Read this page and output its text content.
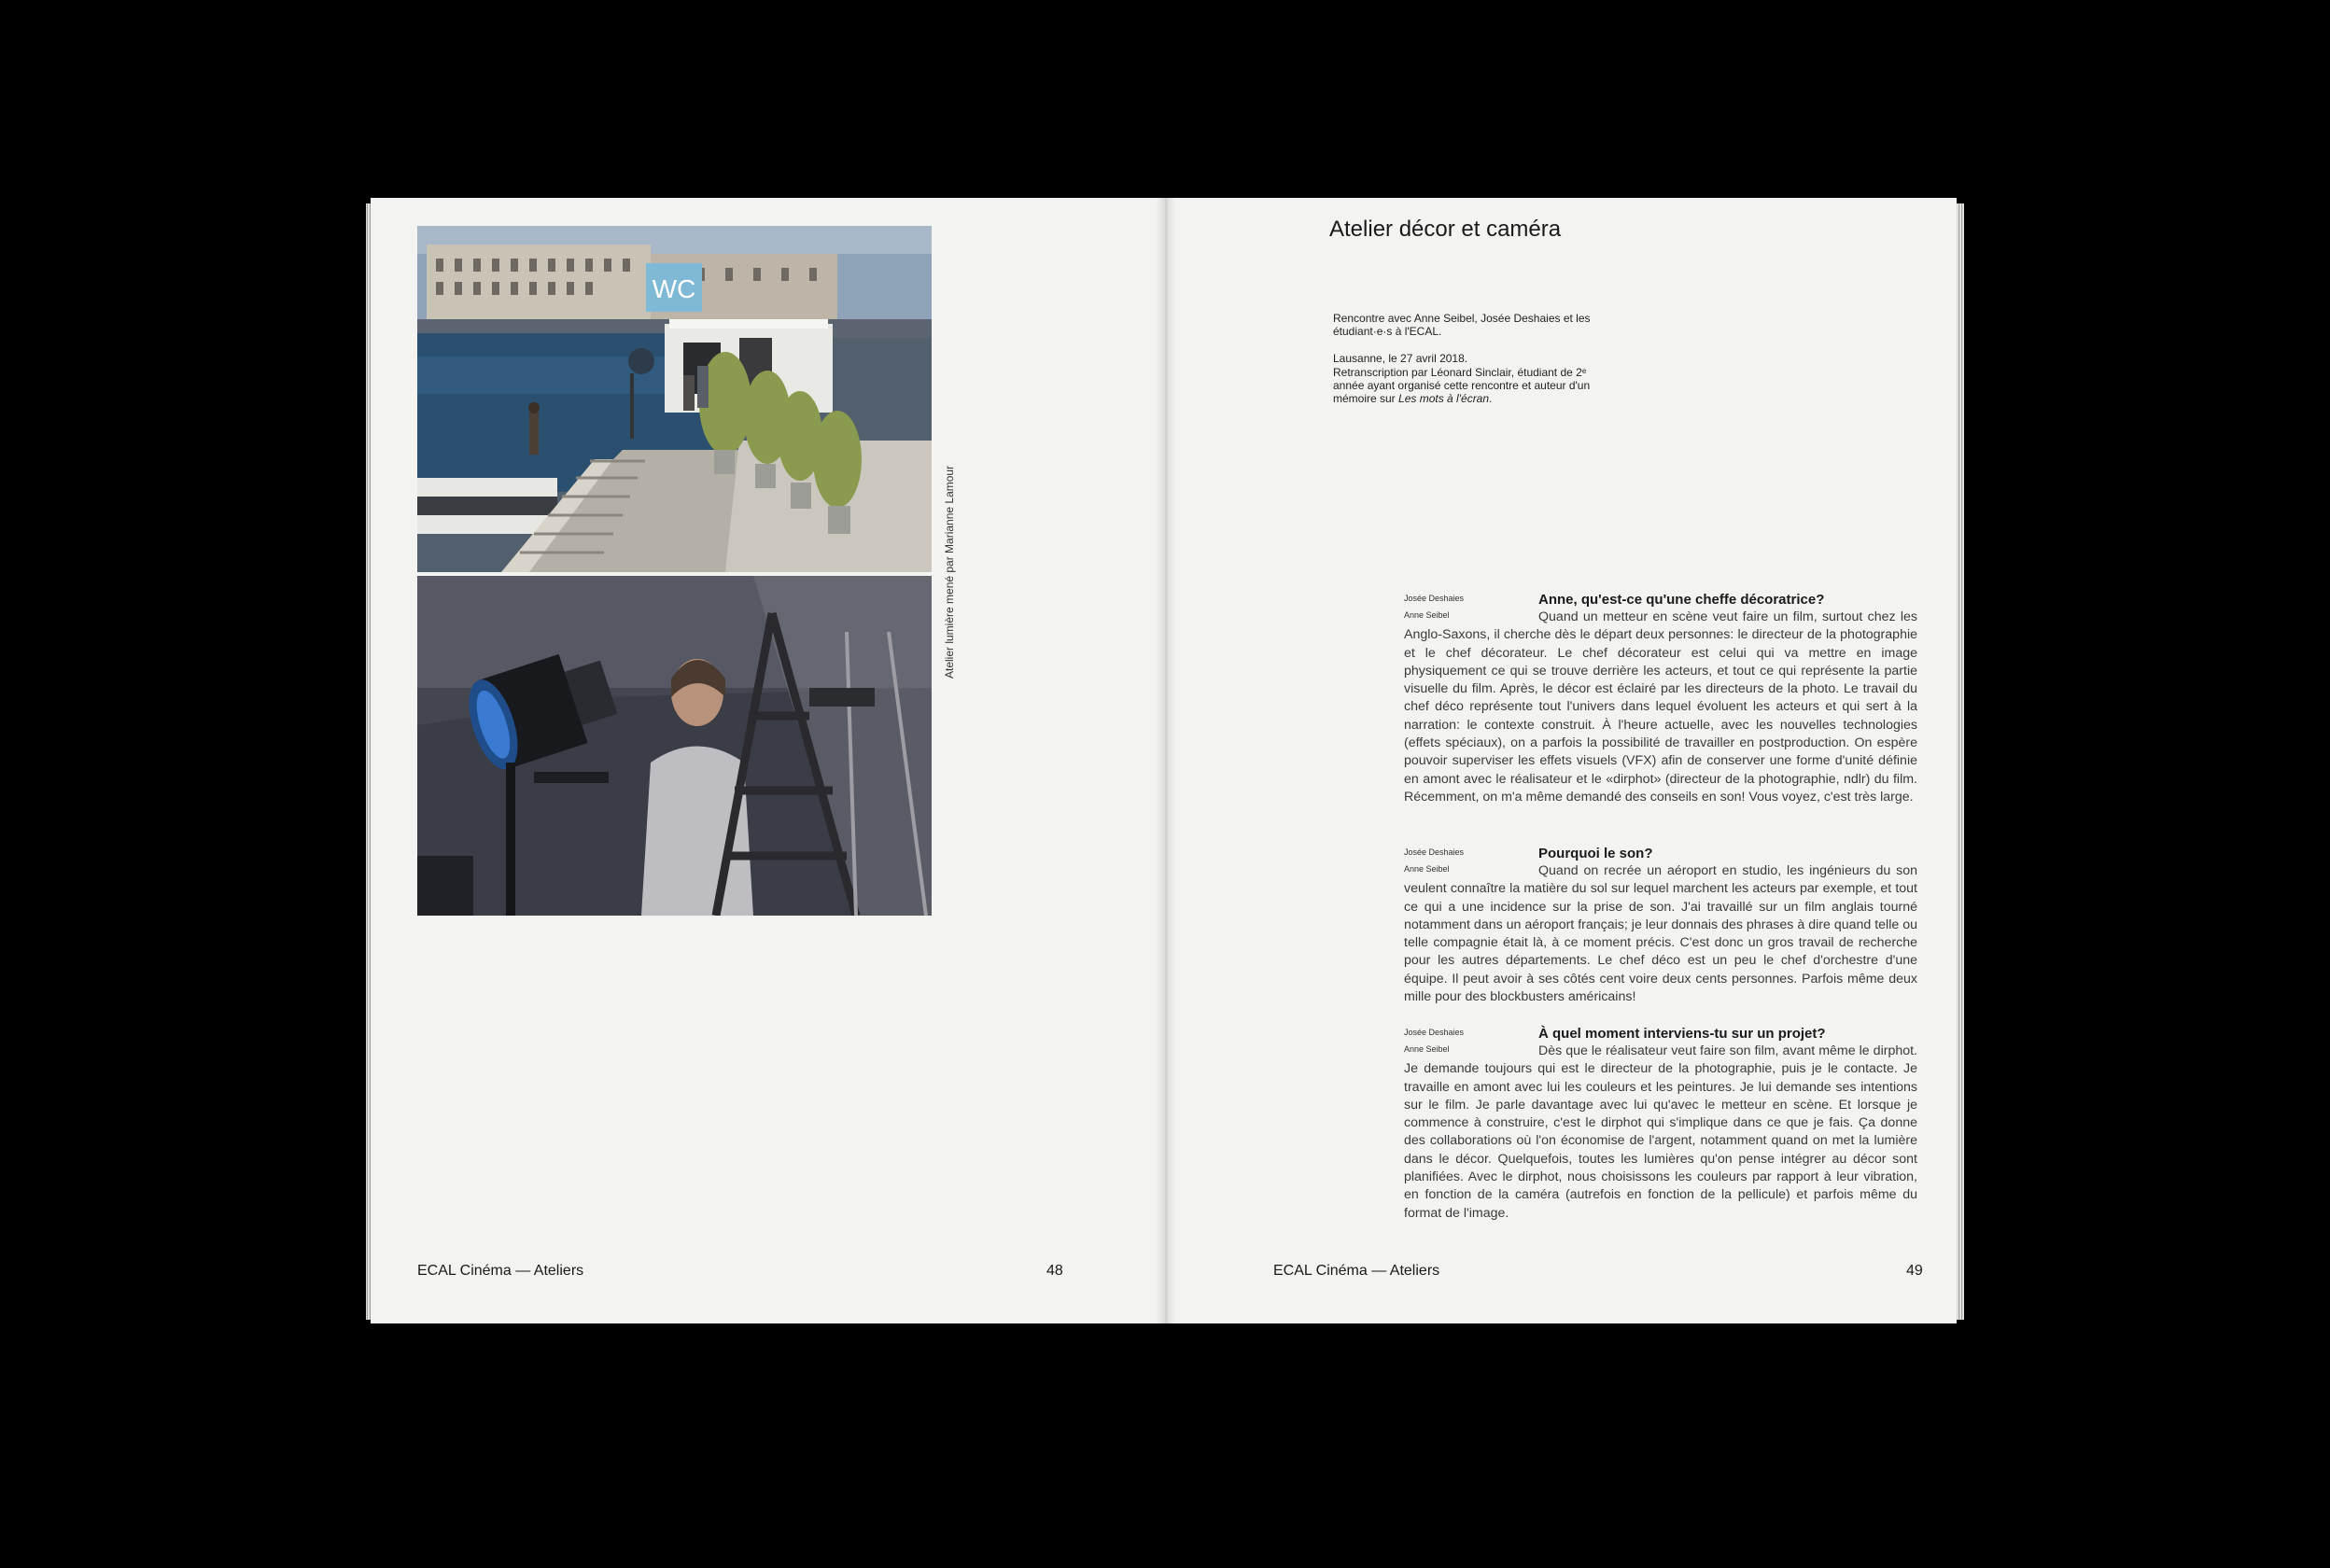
WC
Atelier lumière mené par Marianne Lamour
ECAL Cinéma — Ateliers	48
Atelier décor et caméra
Rencontre avec Anne Seibel, Josée Deshaies et les étudiant·e·s à l'ECAL.
Lausanne, le 27 avril 2018.
Retranscription par Léonard Sinclair, étudiant de 2ᵉ année ayant organisé cette rencontre et auteur d'un mémoire sur Les mots à l'écran.
Josée Deshaies	Anne, qu'est-ce qu'une cheffe décoratrice?
Anne Seibel	Quand un metteur en scène veut faire un film, surtout chez les Anglo-Saxons, il cherche dès le départ deux personnes: le directeur de la photographie et le chef décorateur. Le chef décorateur est celui qui va mettre en image physiquement ce qui se trouve derrière les acteurs, et tout ce qui représente la partie visuelle du film. Après, le décor est éclairé par les directeurs de la photo. Le travail du chef déco représente tout l'univers dans lequel évoluent les acteurs et qui sert à la narration: le contexte construit. À l'heure actuelle, avec les nouvelles technologies (effets spéciaux), on a parfois la possibilité de travailler en postproduction. On espère pouvoir superviser les effets visuels (VFX) afin de conserver une forme d'unité définie en amont avec le réalisateur et le «dirphot» (directeur de la photographie, ndlr) du film. Récemment, on m'a même demandé des conseils en son! Vous voyez, c'est très large.

Josée Deshaies	Pourquoi le son?
Anne Seibel	Quand on recrée un aéroport en studio, les ingénieurs du son veulent connaître la matière du sol sur lequel marchent les acteurs par exemple, et tout ce qui a une incidence sur la prise de son. J'ai travaillé sur un film anglais tourné notamment dans un aéroport français; je leur donnais des phrases à dire quand telle ou telle compagnie était là, à ce moment précis. C'est donc un gros travail de recherche pour les autres départements. Le chef déco est un peu le chef d'orchestre d'une équipe. Il peut avoir à ses côtés cent voire deux cents personnes. Parfois même deux mille pour des blockbusters américains!

Josée Deshaies	À quel moment interviens-tu sur un projet?
Anne Seibel	Dès que le réalisateur veut faire son film, avant même le dirphot. Je demande toujours qui est le directeur de la photographie, puis je le contacte. Je travaille en amont avec lui les couleurs et les peintures. Je lui demande ses intentions sur le film. Je parle davantage avec lui qu'avec le metteur en scène. Et lorsque je commence à construire, c'est le dirphot qui s'implique dans ce que je fais. Ça donne des collaborations où l'on économise de l'argent, notamment quand on met la lumière dans le décor. Quelquefois, toutes les lumières qu'on pense intégrer au décor sont planifiées. Avec le dirphot, nous choisissons les couleurs par rapport à leur vibration, en fonction de la caméra (autrefois en fonction de la pellicule) et parfois même du format de l'image.

ECAL Cinéma — Ateliers	49
